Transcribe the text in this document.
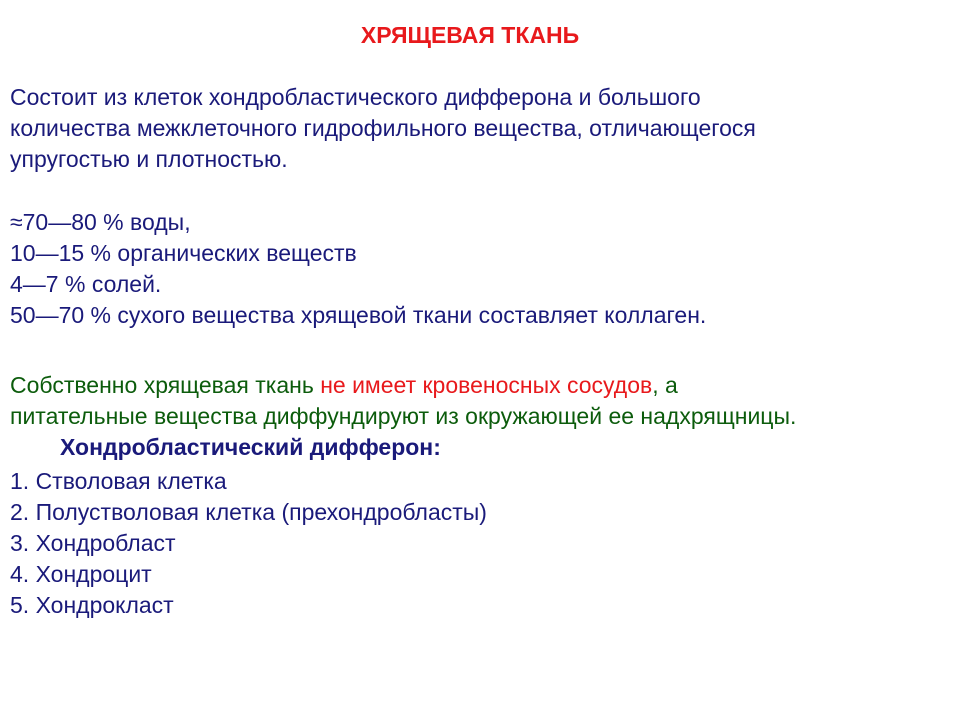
ХРЯЩЕВАЯ ТКАНЬ
Состоит из клеток хондробластического дифферона и большого
количества межклеточного гидрофильного вещества, отличающегося
упругостью и плотностью.
≈70—80 % воды,
10—15 % органических веществ
4—7 % солей.
50—70 % сухого вещества хрящевой ткани составляет коллаген.
Собственно хрящевая ткань не имеет кровеносных сосудов, а
питательные вещества диффундируют из окружающей ее надхрящницы.
Хондробластический дифферон:
1. Стволовая клетка
2. Полустволовая клетка (прехондробласты)
3. Хондробласт
4. Хондроцит
5. Хондрокласт
